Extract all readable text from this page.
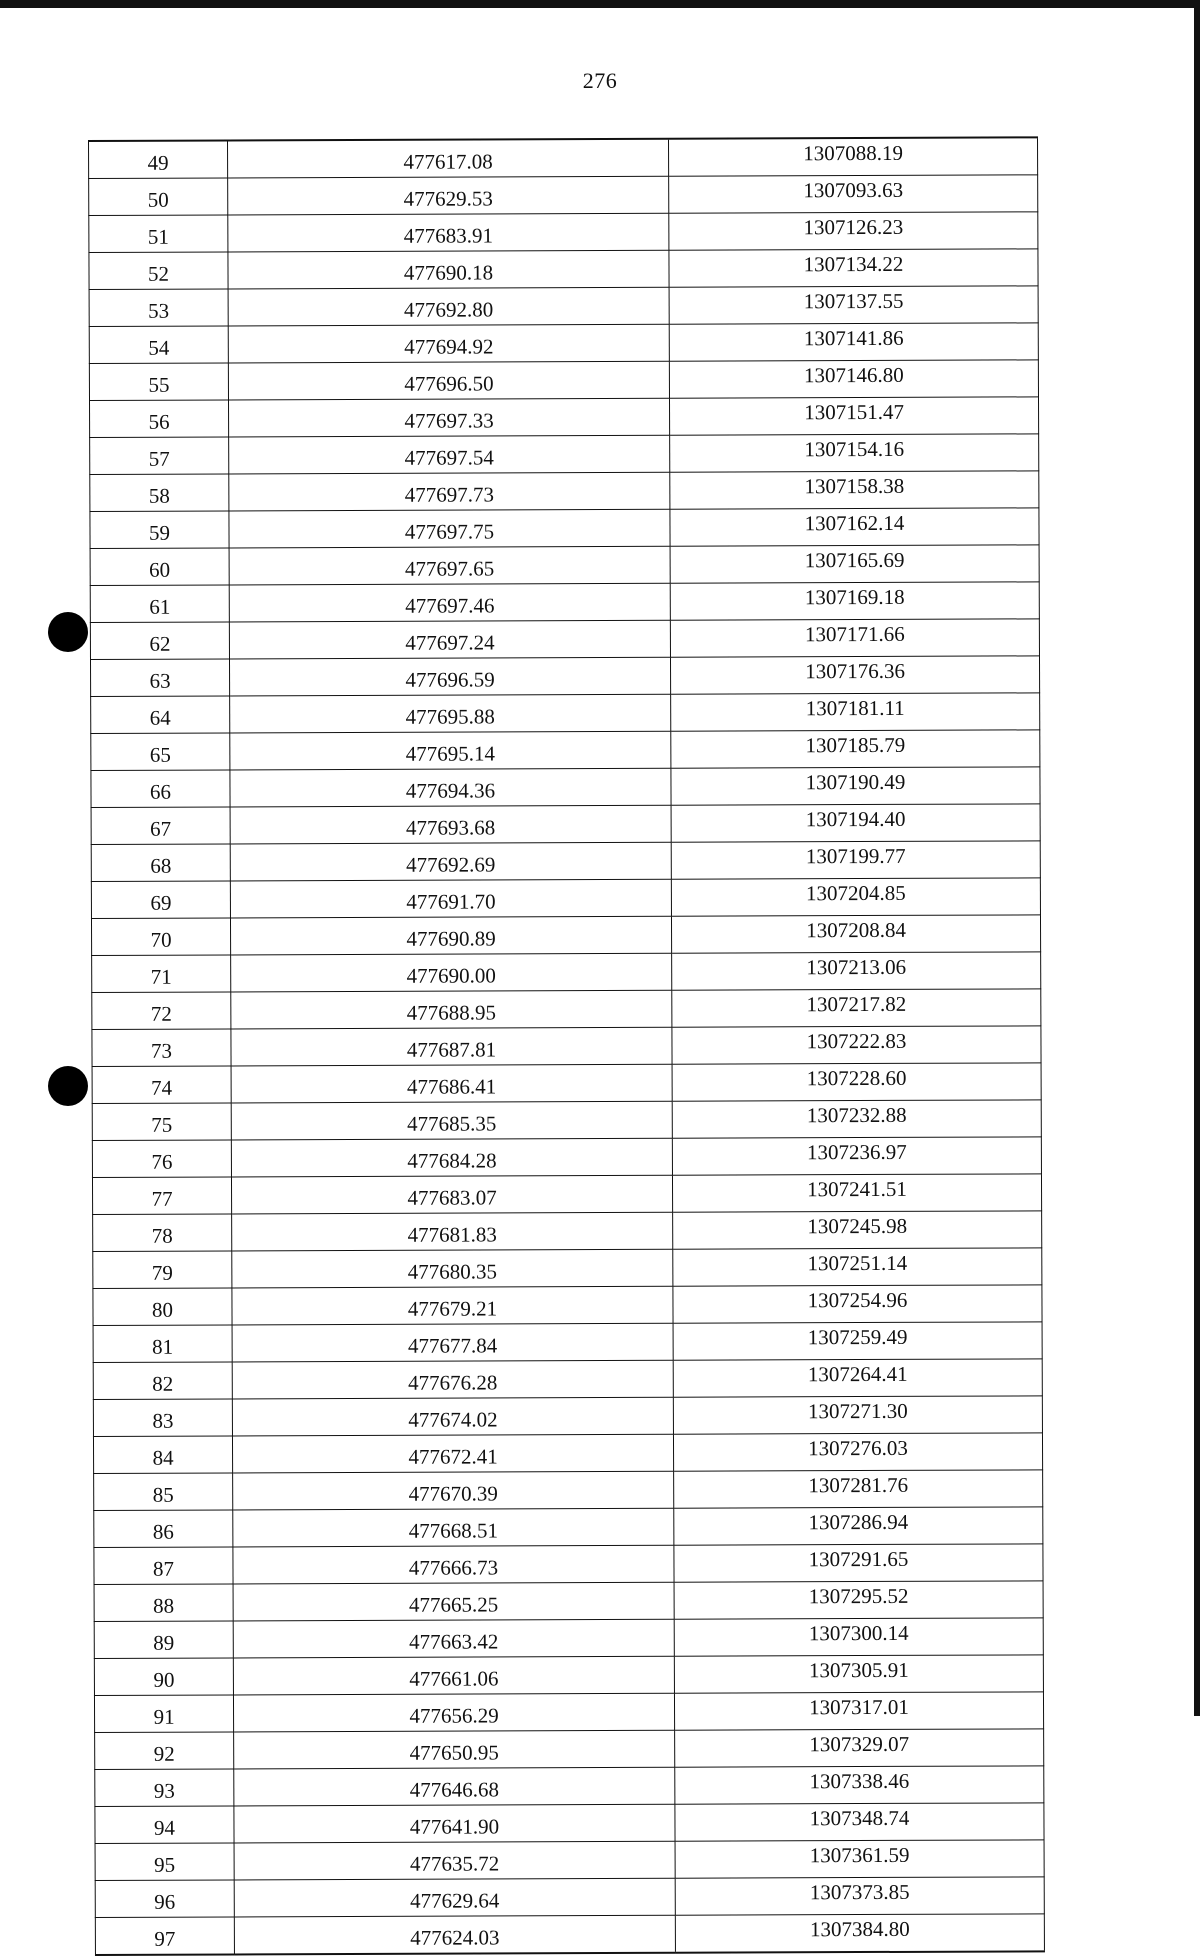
276
49	477617.08	1307088.19
50	477629.53	1307093.63
51	477683.91	1307126.23
52	477690.18	1307134.22
53	477692.80	1307137.55
54	477694.92	1307141.86
55	477696.50	1307146.80
56	477697.33	1307151.47
57	477697.54	1307154.16
58	477697.73	1307158.38
59	477697.75	1307162.14
60	477697.65	1307165.69
61	477697.46	1307169.18
62	477697.24	1307171.66
63	477696.59	1307176.36
64	477695.88	1307181.11
65	477695.14	1307185.79
66	477694.36	1307190.49
67	477693.68	1307194.40
68	477692.69	1307199.77
69	477691.70	1307204.85
70	477690.89	1307208.84
71	477690.00	1307213.06
72	477688.95	1307217.82
73	477687.81	1307222.83
74	477686.41	1307228.60
75	477685.35	1307232.88
76	477684.28	1307236.97
77	477683.07	1307241.51
78	477681.83	1307245.98
79	477680.35	1307251.14
80	477679.21	1307254.96
81	477677.84	1307259.49
82	477676.28	1307264.41
83	477674.02	1307271.30
84	477672.41	1307276.03
85	477670.39	1307281.76
86	477668.51	1307286.94
87	477666.73	1307291.65
88	477665.25	1307295.52
89	477663.42	1307300.14
90	477661.06	1307305.91
91	477656.29	1307317.01
92	477650.95	1307329.07
93	477646.68	1307338.46
94	477641.90	1307348.74
95	477635.72	1307361.59
96	477629.64	1307373.85
97	477624.03	1307384.80
